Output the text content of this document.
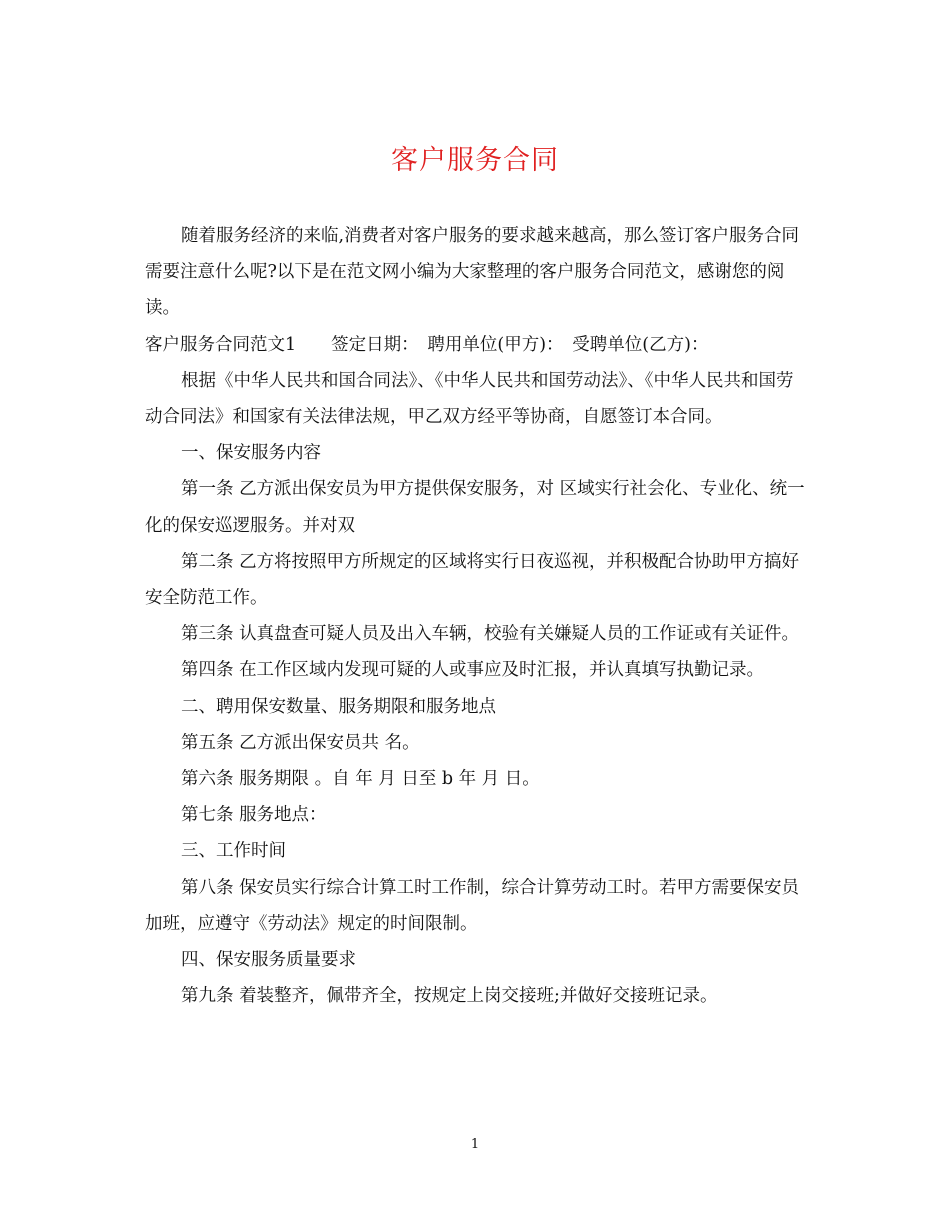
客户服务合同

随着服务经济的来临,消费者对客户服务的要求越来越高，那么签订客户服务合同需要注意什么呢?以下是在范文网小编为大家整理的客户服务合同范文，感谢您的阅读。

客户服务合同范文1　　签定日期： 聘用单位(甲方)： 受聘单位(乙方)：

根据《中华人民共和国合同法》、《中华人民共和国劳动法》、《中华人民共和国劳动合同法》和国家有关法律法规，甲乙双方经平等协商，自愿签订本合同。

一、保安服务内容

第一条 乙方派出保安员为甲方提供保安服务，对 区域实行社会化、专业化、统一化的保安巡逻服务。并对双

第二条 乙方将按照甲方所规定的区域将实行日夜巡视，并积极配合协助甲方搞好安全防范工作。

第三条 认真盘查可疑人员及出入车辆，校验有关嫌疑人员的工作证或有关证件。

第四条 在工作区域内发现可疑的人或事应及时汇报，并认真填写执勤记录。

二、聘用保安数量、服务期限和服务地点

第五条 乙方派出保安员共 名。

第六条 服务期限 。自 年 月 日至 b 年 月 日。

第七条 服务地点：

三、工作时间

第八条 保安员实行综合计算工时工作制，综合计算劳动工时。若甲方需要保安员加班，应遵守《劳动法》规定的时间限制。

四、保安服务质量要求

第九条 着装整齐，佩带齐全，按规定上岗交接班;并做好交接班记录。

1
